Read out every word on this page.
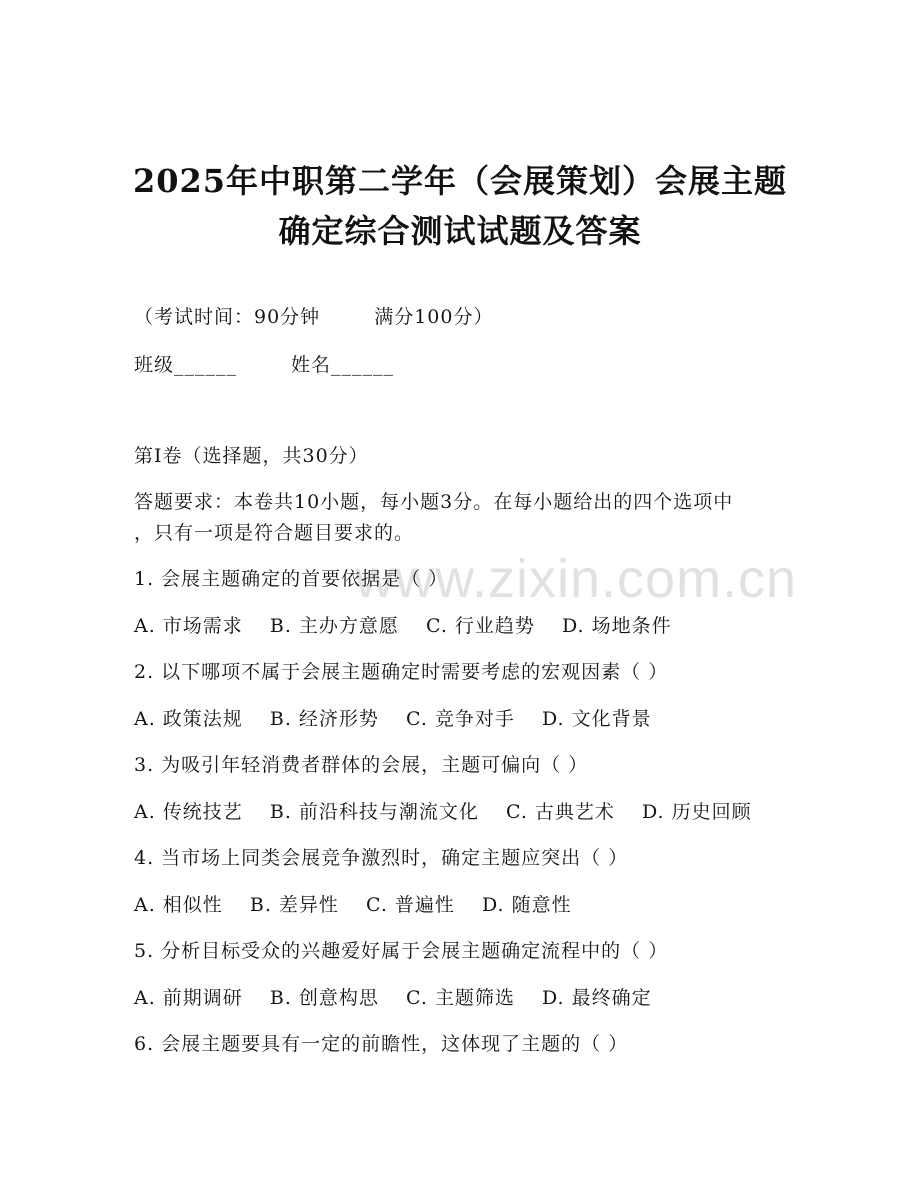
2025年中职第二学年（会展策划）会展主题
确定综合测试试题及答案
（考试时间：90分钟	满分100分）
班级______	姓名______
第I卷（选择题，共30分）
答题要求：本卷共10小题，每小题3分。在每小题给出的四个选项中
，只有一项是符合题目要求的。
www.zixin.com.cn
1. 会展主题确定的首要依据是（ ）
A. 市场需求 B. 主办方意愿 C. 行业趋势 D. 场地条件
2. 以下哪项不属于会展主题确定时需要考虑的宏观因素（ ）
A. 政策法规 B. 经济形势 C. 竞争对手 D. 文化背景
3. 为吸引年轻消费者群体的会展，主题可偏向（ ）
A. 传统技艺 B. 前沿科技与潮流文化 C. 古典艺术 D. 历史回顾
4. 当市场上同类会展竞争激烈时，确定主题应突出（ ）
A. 相似性 B. 差异性 C. 普遍性 D. 随意性
5. 分析目标受众的兴趣爱好属于会展主题确定流程中的（ ）
A. 前期调研 B. 创意构思 C. 主题筛选 D. 最终确定
6. 会展主题要具有一定的前瞻性，这体现了主题的（ ）
